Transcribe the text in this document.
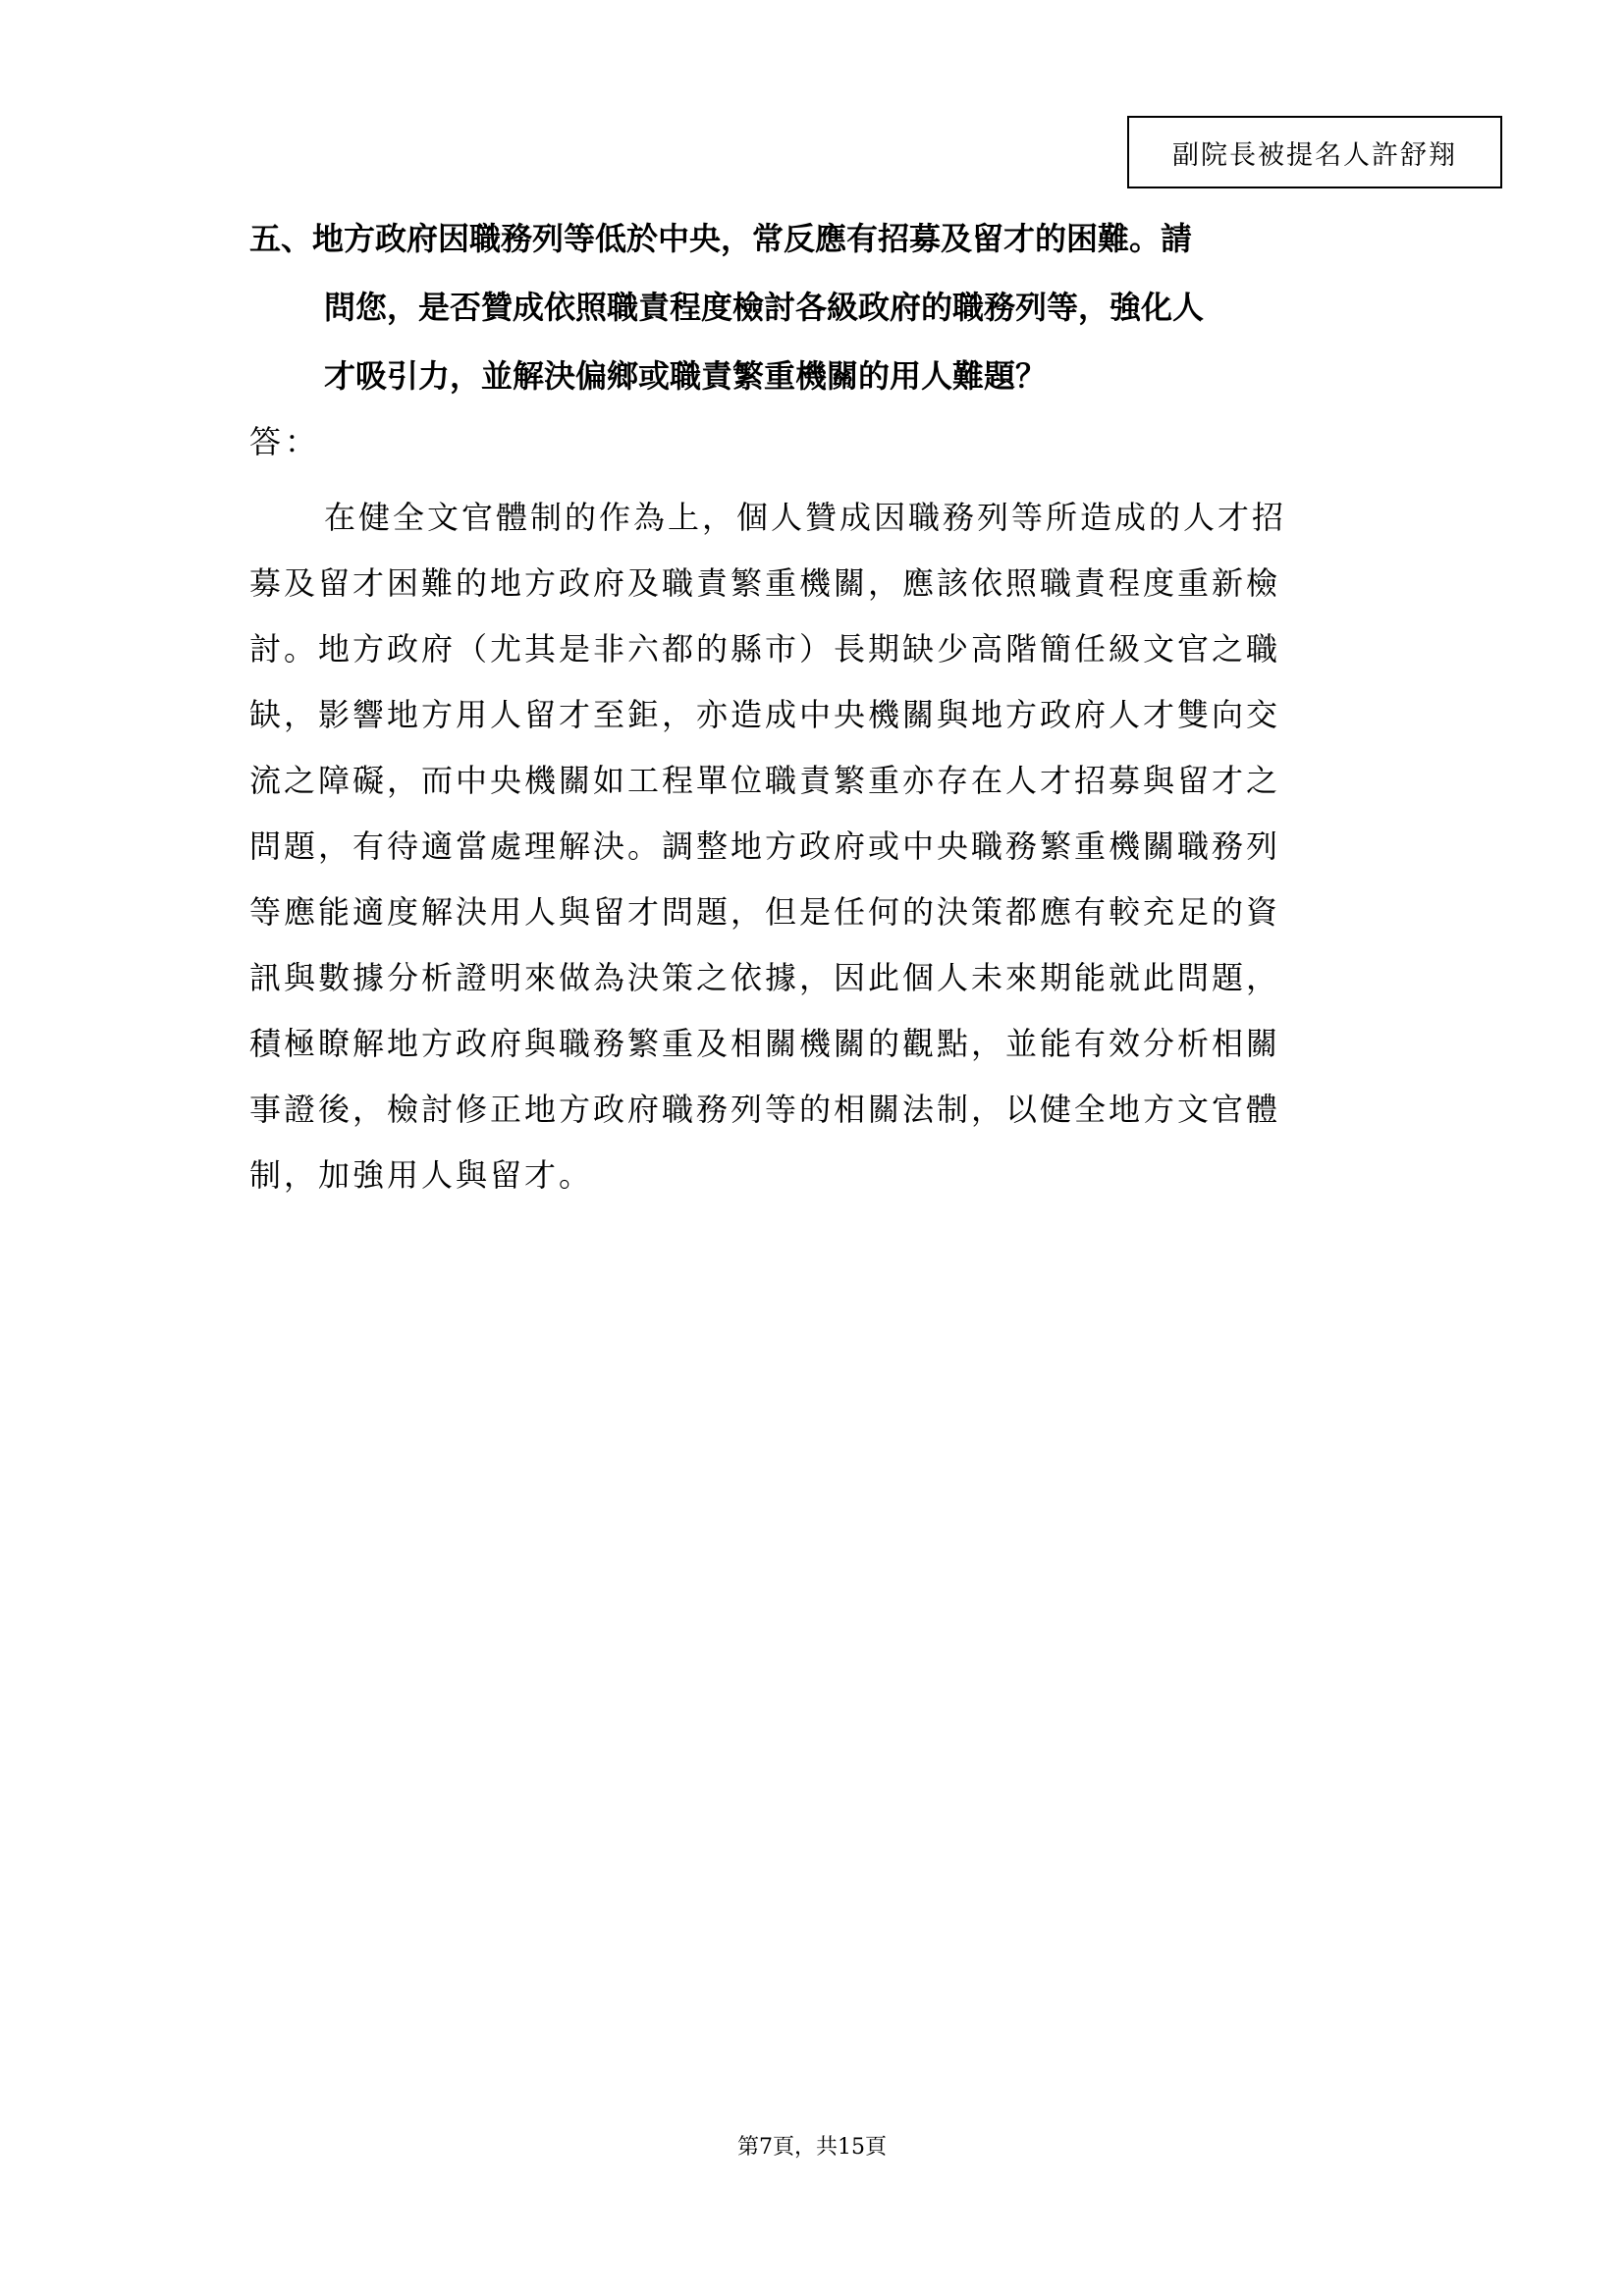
副院長被提名人許舒翔
五、地方政府因職務列等低於中央，常反應有招募及留才的困難。請
問您，是否贊成依照職責程度檢討各級政府的職務列等，強化人
才吸引力，並解決偏鄉或職責繁重機關的用人難題？
答：
在健全文官體制的作為上，個人贊成因職務列等所造成的人才招
募及留才困難的地方政府及職責繁重機關，應該依照職責程度重新檢
討。地方政府（尤其是非六都的縣市）長期缺少高階簡任級文官之職
缺，影響地方用人留才至鉅，亦造成中央機關與地方政府人才雙向交
流之障礙，而中央機關如工程單位職責繁重亦存在人才招募與留才之
問題，有待適當處理解決。調整地方政府或中央職務繁重機關職務列
等應能適度解決用人與留才問題，但是任何的決策都應有較充足的資
訊與數據分析證明來做為決策之依據，因此個人未來期能就此問題，
積極瞭解地方政府與職務繁重及相關機關的觀點，並能有效分析相關
事證後，檢討修正地方政府職務列等的相關法制，以健全地方文官體
制，加強用人與留才。
第7頁，共15頁
